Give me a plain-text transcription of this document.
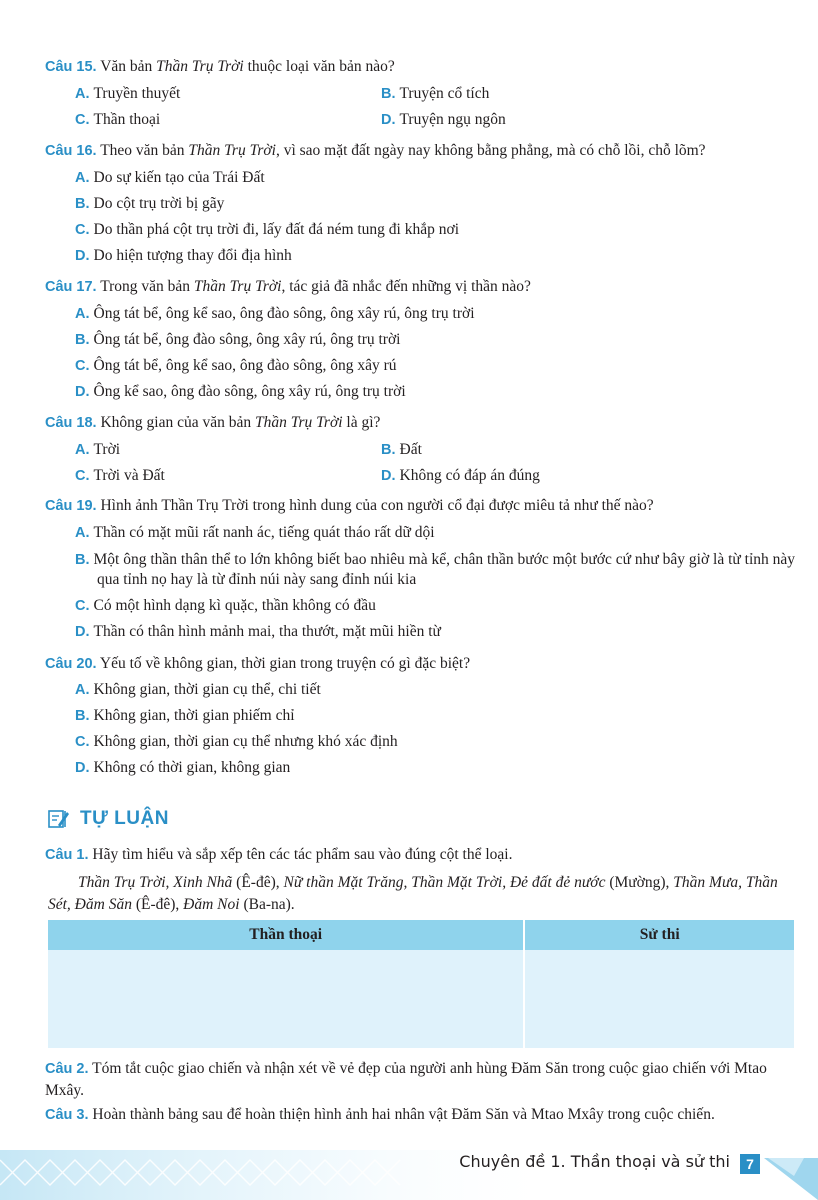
Câu 15. Văn bản Thần Trụ Trời thuộc loại văn bản nào?
A. Truyền thuyết	B. Truyện cổ tích
C. Thần thoại	D. Truyện ngụ ngôn
Câu 16. Theo văn bản Thần Trụ Trời, vì sao mặt đất ngày nay không bằng phẳng, mà có chỗ lồi, chỗ lõm?
A. Do sự kiến tạo của Trái Đất
B. Do cột trụ trời bị gãy
C. Do thần phá cột trụ trời đi, lấy đất đá ném tung đi khắp nơi
D. Do hiện tượng thay đổi địa hình
Câu 17. Trong văn bản Thần Trụ Trời, tác giả đã nhắc đến những vị thần nào?
A. Ông tát bể, ông kể sao, ông đào sông, ông xây rú, ông trụ trời
B. Ông tát bể, ông đào sông, ông xây rú, ông trụ trời
C. Ông tát bể, ông kể sao, ông đào sông, ông xây rú
D. Ông kể sao, ông đào sông, ông xây rú, ông trụ trời
Câu 18. Không gian của văn bản Thần Trụ Trời là gì?
A. Trời	B. Đất
C. Trời và Đất	D. Không có đáp án đúng
Câu 19. Hình ảnh Thần Trụ Trời trong hình dung của con người cổ đại được miêu tả như thế nào?
A. Thần có mặt mũi rất nanh ác, tiếng quát tháo rất dữ dội
B. Một ông thần thân thể to lớn không biết bao nhiêu mà kể, chân thần bước một bước cứ như bây giờ là từ tỉnh này qua tỉnh nọ hay là từ đỉnh núi này sang đỉnh núi kia
C. Có một hình dạng kì quặc, thần không có đầu
D. Thần có thân hình mảnh mai, tha thướt, mặt mũi hiền từ
Câu 20. Yếu tố về không gian, thời gian trong truyện có gì đặc biệt?
A. Không gian, thời gian cụ thể, chi tiết
B. Không gian, thời gian phiếm chỉ
C. Không gian, thời gian cụ thể nhưng khó xác định
D. Không có thời gian, không gian
TỰ LUẬN
Câu 1. Hãy tìm hiểu và sắp xếp tên các tác phẩm sau vào đúng cột thể loại.
Thần Trụ Trời, Xinh Nhã (Ê-đê), Nữ thần Mặt Trăng, Thần Mặt Trời, Đẻ đất đẻ nước (Mường), Thần Mưa, Thần Sét, Đăm Săn (Ê-đê), Đăm Noi (Ba-na).
Thần thoại	Sử thi

Câu 2. Tóm tắt cuộc giao chiến và nhận xét về vẻ đẹp của người anh hùng Đăm Săn trong cuộc giao chiến với Mtao Mxây.
Câu 3. Hoàn thành bảng sau để hoàn thiện hình ảnh hai nhân vật Đăm Săn và Mtao Mxây trong cuộc chiến.
Chuyên đề 1. Thần thoại và sử thi	7
